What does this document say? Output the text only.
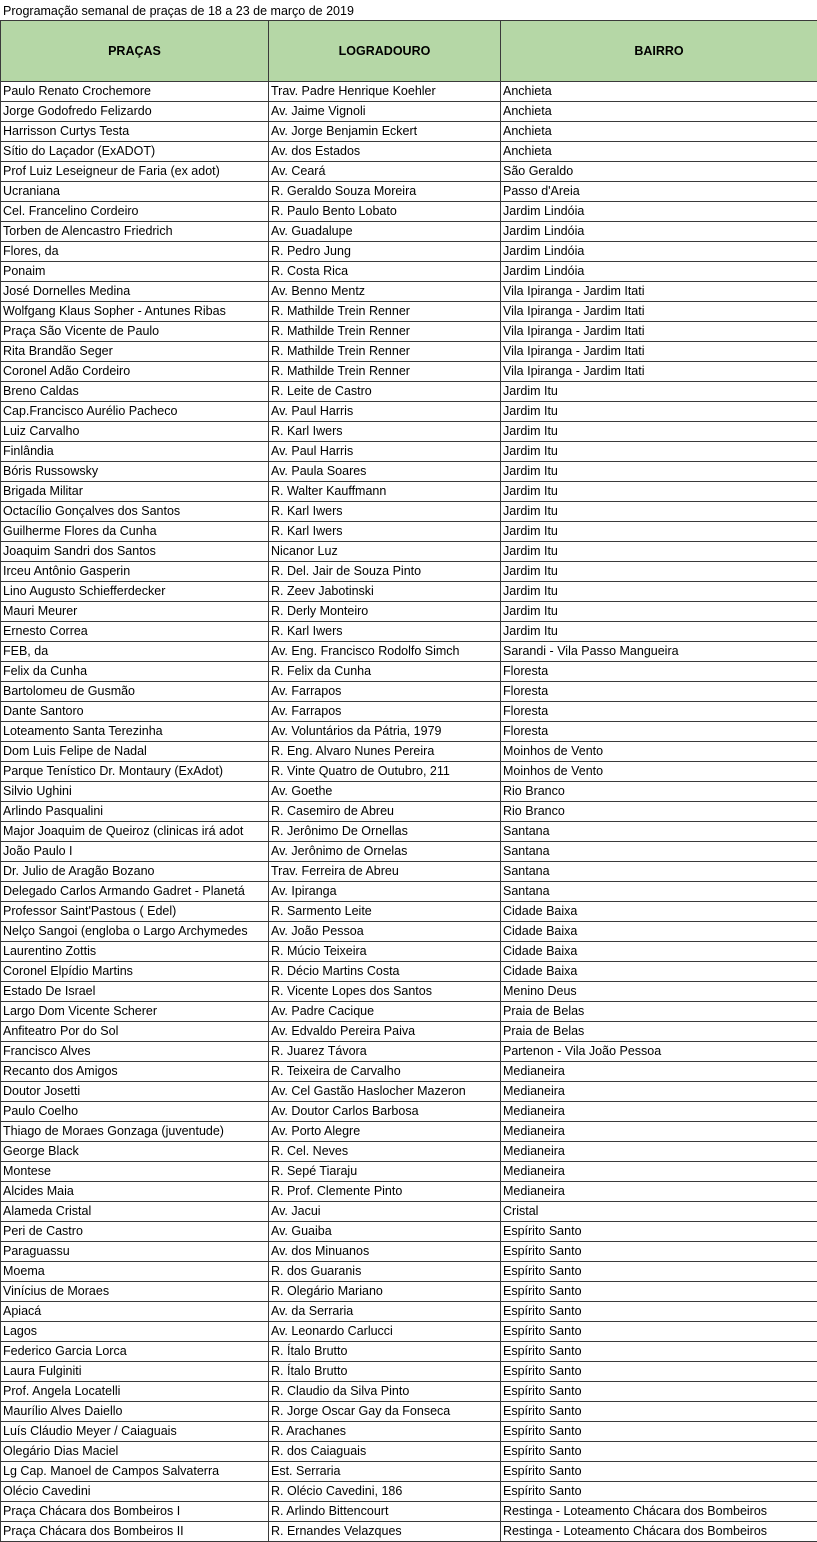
Programação semanal de praças de 18 a 23 de março de 2019
PRAÇAS	LOGRADOURO	BAIRRO
Paulo Renato Crochemore	Trav. Padre Henrique Koehler	Anchieta
Jorge Godofredo Felizardo	Av. Jaime Vignoli	Anchieta
Harrisson Curtys Testa	Av. Jorge Benjamin Eckert	Anchieta
Sítio do Laçador (ExADOT)	Av. dos Estados	Anchieta
Prof Luiz Leseigneur de Faria (ex adot)	Av. Ceará	São Geraldo
Ucraniana	R. Geraldo Souza Moreira	Passo d'Areia
Cel. Francelino Cordeiro	R. Paulo Bento Lobato	Jardim Lindóia
Torben de Alencastro Friedrich	Av. Guadalupe	Jardim Lindóia
Flores, da	R. Pedro Jung	Jardim Lindóia
Ponaim	R. Costa Rica	Jardim Lindóia
José Dornelles Medina	Av. Benno Mentz	Vila Ipiranga - Jardim Itati
Wolfgang Klaus Sopher - Antunes Ribas	R. Mathilde Trein Renner	Vila Ipiranga - Jardim Itati
Praça São Vicente de Paulo	R. Mathilde Trein Renner	Vila Ipiranga - Jardim Itati
Rita Brandão Seger	R. Mathilde Trein Renner	Vila Ipiranga - Jardim Itati
Coronel Adão Cordeiro	R. Mathilde Trein Renner	Vila Ipiranga - Jardim Itati
Breno Caldas	R. Leite de Castro	Jardim Itu
Cap.Francisco Aurélio Pacheco	Av. Paul Harris	Jardim Itu
Luiz Carvalho	R. Karl Iwers	Jardim Itu
Finlândia	Av. Paul Harris	Jardim Itu
Bóris Russowsky	Av. Paula Soares	Jardim Itu
Brigada Militar	R. Walter Kauffmann	Jardim Itu
Octacílio Gonçalves dos Santos	R. Karl Iwers	Jardim Itu
Guilherme Flores da Cunha	R. Karl Iwers	Jardim Itu
Joaquim Sandri dos Santos	Nicanor Luz	Jardim Itu
Irceu Antônio Gasperin	R. Del. Jair de Souza Pinto	Jardim Itu
Lino Augusto Schiefferdecker	R. Zeev Jabotinski	Jardim Itu
Mauri Meurer	R. Derly Monteiro	Jardim Itu
Ernesto Correa	R. Karl Iwers	Jardim Itu
FEB, da	Av. Eng. Francisco Rodolfo Simch	Sarandi - Vila Passo Mangueira
Felix da Cunha	R. Felix da Cunha	Floresta
Bartolomeu de Gusmão	Av. Farrapos	Floresta
Dante Santoro	Av. Farrapos	Floresta
Loteamento Santa Terezinha	Av. Voluntários da Pátria, 1979	Floresta
Dom Luis Felipe de Nadal	R. Eng. Alvaro Nunes Pereira	Moinhos de Vento
Parque Tenístico Dr. Montaury (ExAdot)	R. Vinte Quatro de Outubro, 211	Moinhos de Vento
Silvio Ughini	Av. Goethe	Rio Branco
Arlindo Pasqualini	R. Casemiro de Abreu	Rio Branco
Major Joaquim de Queiroz (clinicas irá adot	R. Jerônimo De Ornellas	Santana
João Paulo I	Av. Jerônimo de Ornelas	Santana
Dr. Julio de Aragão Bozano	Trav. Ferreira de Abreu	Santana
Delegado Carlos Armando Gadret - Planetá	Av. Ipiranga	Santana
Professor Saint'Pastous ( Edel)	R. Sarmento Leite	Cidade Baixa
Nelço Sangoi (engloba o Largo Archymedes	Av. João Pessoa	Cidade Baixa
Laurentino Zottis	R. Múcio Teixeira	Cidade Baixa
Coronel Elpídio Martins	R. Décio Martins Costa	Cidade Baixa
Estado De Israel	R. Vicente Lopes dos Santos	Menino Deus
Largo Dom Vicente Scherer	Av. Padre Cacique	Praia de Belas
Anfiteatro Por do Sol	Av. Edvaldo Pereira Paiva	Praia de Belas
Francisco Alves	R. Juarez Távora	Partenon - Vila João Pessoa
Recanto dos Amigos	R. Teixeira de Carvalho	Medianeira
Doutor Josetti	Av. Cel Gastão Haslocher Mazeron	Medianeira
Paulo Coelho	Av. Doutor Carlos Barbosa	Medianeira
Thiago de Moraes Gonzaga (juventude)	Av. Porto Alegre	Medianeira
George Black	R. Cel. Neves	Medianeira
Montese	R. Sepé Tiaraju	Medianeira
Alcides Maia	R. Prof. Clemente Pinto	Medianeira
Alameda Cristal	Av. Jacui	Cristal
Peri de Castro	Av. Guaiba	Espírito Santo
Paraguassu	Av. dos Minuanos	Espírito Santo
Moema	R. dos Guaranis	Espírito Santo
Vinícius de Moraes	R. Olegário Mariano	Espírito Santo
Apiacá	Av. da Serraria	Espírito Santo
Lagos	Av. Leonardo Carlucci	Espírito Santo
Federico Garcia Lorca	R. Ítalo Brutto	Espírito Santo
Laura Fulginiti	R. Ítalo Brutto	Espírito Santo
Prof. Angela Locatelli	R. Claudio da Silva Pinto	Espírito Santo
Maurílio Alves Daiello	R. Jorge Oscar Gay da Fonseca	Espírito Santo
Luís Cláudio Meyer / Caiaguais	R. Arachanes	Espírito Santo
Olegário Dias Maciel	R. dos Caiaguais	Espírito Santo
Lg Cap. Manoel de Campos Salvaterra	Est. Serraria	Espírito Santo
Olécio Cavedini	R. Olécio Cavedini, 186	Espírito Santo
Praça Chácara dos Bombeiros I	R. Arlindo Bittencourt	Restinga - Loteamento Chácara dos Bombeiros
Praça Chácara dos Bombeiros II	R. Ernandes Velazques	Restinga - Loteamento Chácara dos Bombeiros
